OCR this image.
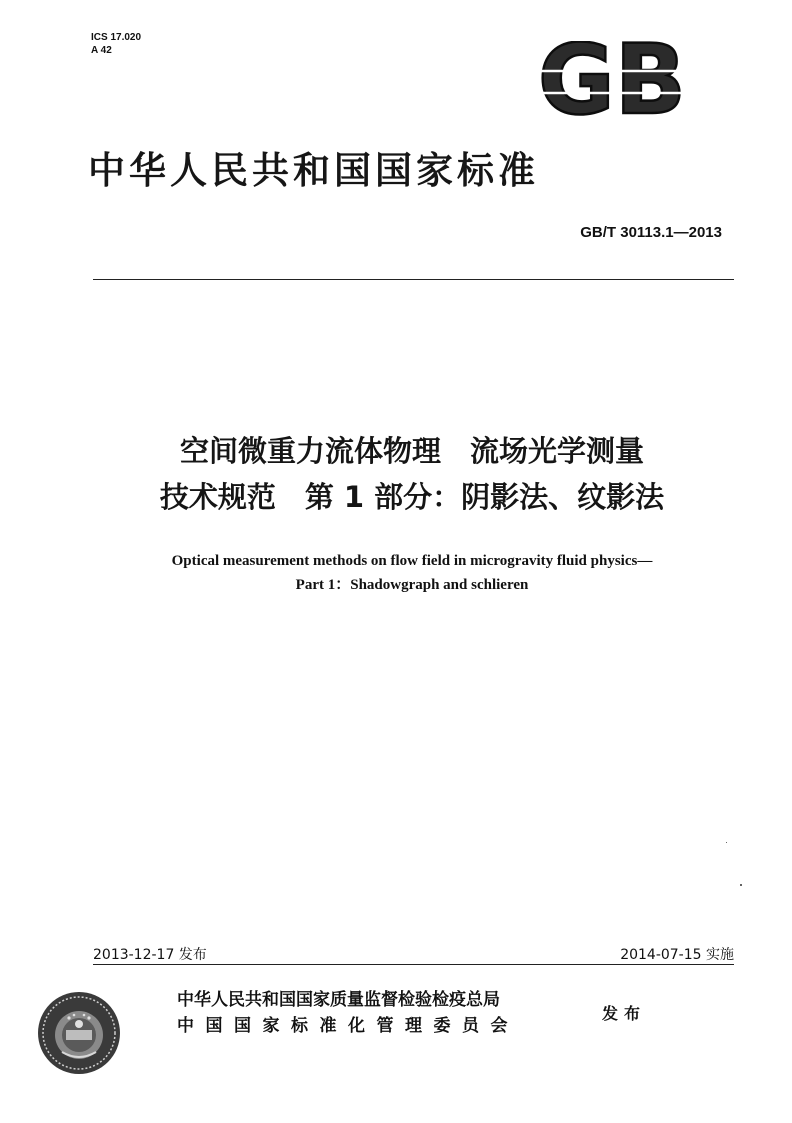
ICS 17.020
A 42	GB
中华人民共和国国家标准
GB/T 30113.1—2013
空间微重力流体物理　流场光学测量
技术规范　第 1 部分：阴影法、纹影法
Optical measurement methods on flow field in microgravity fluid physics—
Part 1：Shadowgraph and schlieren
2013-12-17 发布	2014-07-15 实施
中华人民共和国国家质量监督检验检疫总局
中国国家标准化管理委员会
发布
